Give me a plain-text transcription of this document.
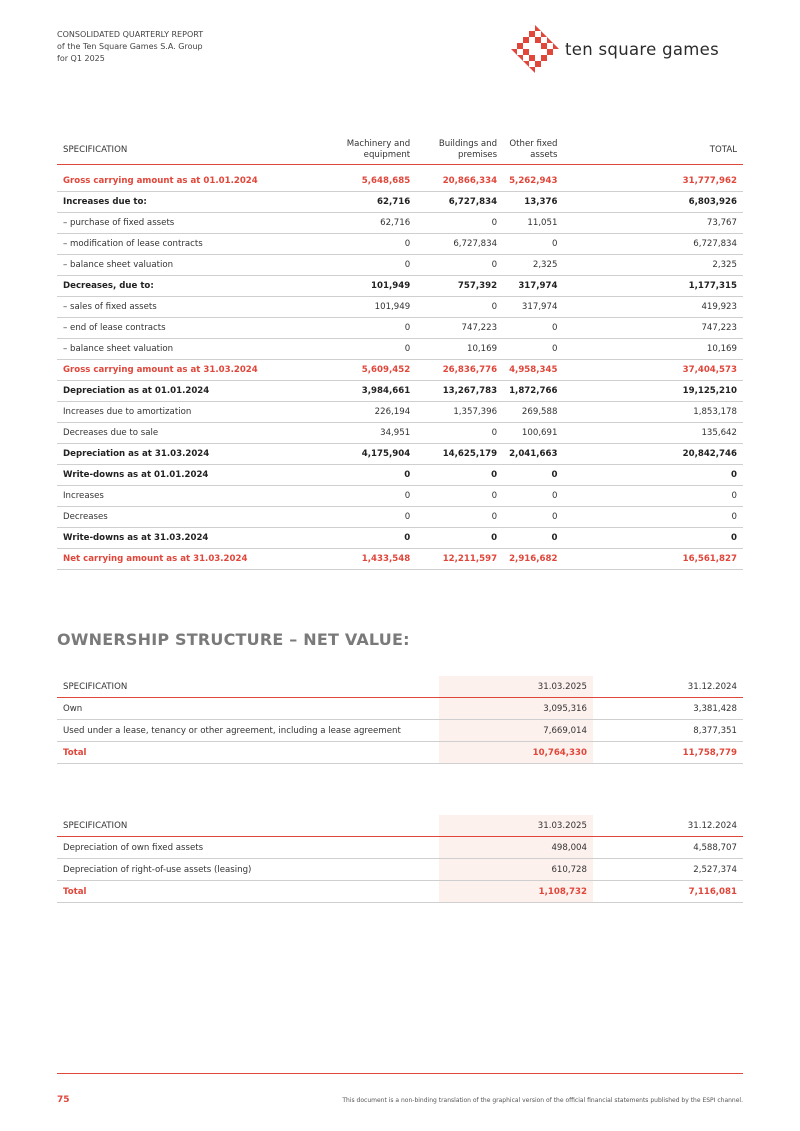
CONSOLIDATED QUARTERLY REPORT
of the Ten Square Games S.A. Group
for Q1 2025	ten square games
SPECIFICATION	Machinery and equipment	Buildings and premises	Other fixed assets	TOTAL
Gross carrying amount as at 01.01.2024	5,648,685	20,866,334	5,262,943	31,777,962
Increases due to:	62,716	6,727,834	13,376	6,803,926
– purchase of fixed assets	62,716	0	11,051	73,767
– modification of lease contracts	0	6,727,834	0	6,727,834
– balance sheet valuation	0	0	2,325	2,325
Decreases, due to:	101,949	757,392	317,974	1,177,315
– sales of fixed assets	101,949	0	317,974	419,923
– end of lease contracts	0	747,223	0	747,223
– balance sheet valuation	0	10,169	0	10,169
Gross carrying amount as at 31.03.2024	5,609,452	26,836,776	4,958,345	37,404,573
Depreciation as at 01.01.2024	3,984,661	13,267,783	1,872,766	19,125,210
Increases due to amortization	226,194	1,357,396	269,588	1,853,178
Decreases due to sale	34,951	0	100,691	135,642
Depreciation as at 31.03.2024	4,175,904	14,625,179	2,041,663	20,842,746
Write-downs as at 01.01.2024	0	0	0	0
Increases	0	0	0	0
Decreases	0	0	0	0
Write-downs as at 31.03.2024	0	0	0	0
Net carrying amount as at 31.03.2024	1,433,548	12,211,597	2,916,682	16,561,827
OWNERSHIP STRUCTURE – NET VALUE:
SPECIFICATION	31.03.2025	31.12.2024
Own	3,095,316	3,381,428
Used under a lease, tenancy or other agreement, including a lease agreement	7,669,014	8,377,351
Total	10,764,330	11,758,779
SPECIFICATION	31.03.2025	31.12.2024
Depreciation of own fixed assets	498,004	4,588,707
Depreciation of right-of-use assets (leasing)	610,728	2,527,374
Total	1,108,732	7,116,081
75	This document is a non-binding translation of the graphical version of the official financial statements published by the ESPI channel.
